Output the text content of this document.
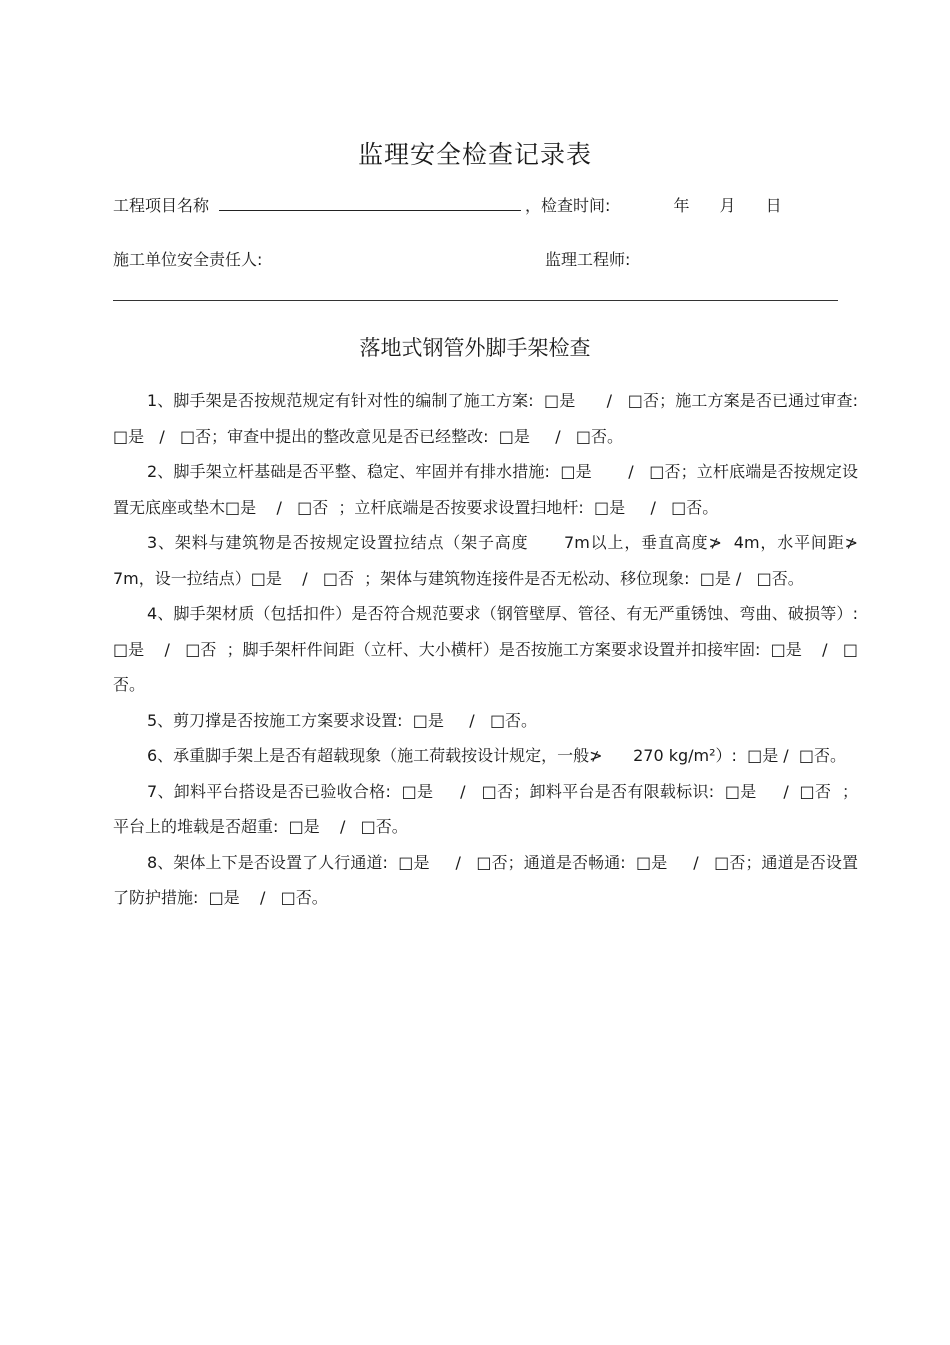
监理安全检查记录表
工程项目名称	，检查时间:	年 月 日
施工单位安全责任人:	监理工程师:
落地式钢管外脚手架检查
1、脚手架是否按规范规定有针对性的编制了施工方案:  □是      /   □否；施工方案是否已通过审查:  □是   /   □否；审查中提出的整改意见是否已经整改:  □是     /   □否。
2、脚手架立杆基础是否平整、稳定、牢固并有排水措施:  □是       /   □否；立杆底端是否按规定设置无底座或垫木□是    /   □否  ；立杆底端是否按要求设置扫地杆:  □是     /   □否。
3、架料与建筑物是否按规定设置拉结点（架子高度      7m以上，垂直高度≯  4m，水平间距≯ 7m，设一拉结点）□是    /   □否  ；架体与建筑物连接件是否无松动、移位现象:  □是 /   □否。
4、脚手架材质（包括扣件）是否符合规范要求（钢管壁厚、管径、有无严重锈蚀、弯曲、破损等）:  □是    /   □否  ；脚手架杆件间距（立杆、大小横杆）是否按施工方案要求设置并扣接牢固:  □是    /   □否。
5、剪刀撑是否按施工方案要求设置:  □是     /   □否。
6、承重脚手架上是否有超载现象（施工荷载按设计规定，一般≯      270 kg/m²）:  □是 /  □否。
7、卸料平台搭设是否已验收合格:  □是     /   □否；卸料平台是否有限载标识:  □是     /  □否  ；平台上的堆载是否超重:  □是    /   □否。
8、架体上下是否设置了人行通道:  □是     /   □否；通道是否畅通:  □是     /   □否；通道是否设置了防护措施:  □是    /   □否。
